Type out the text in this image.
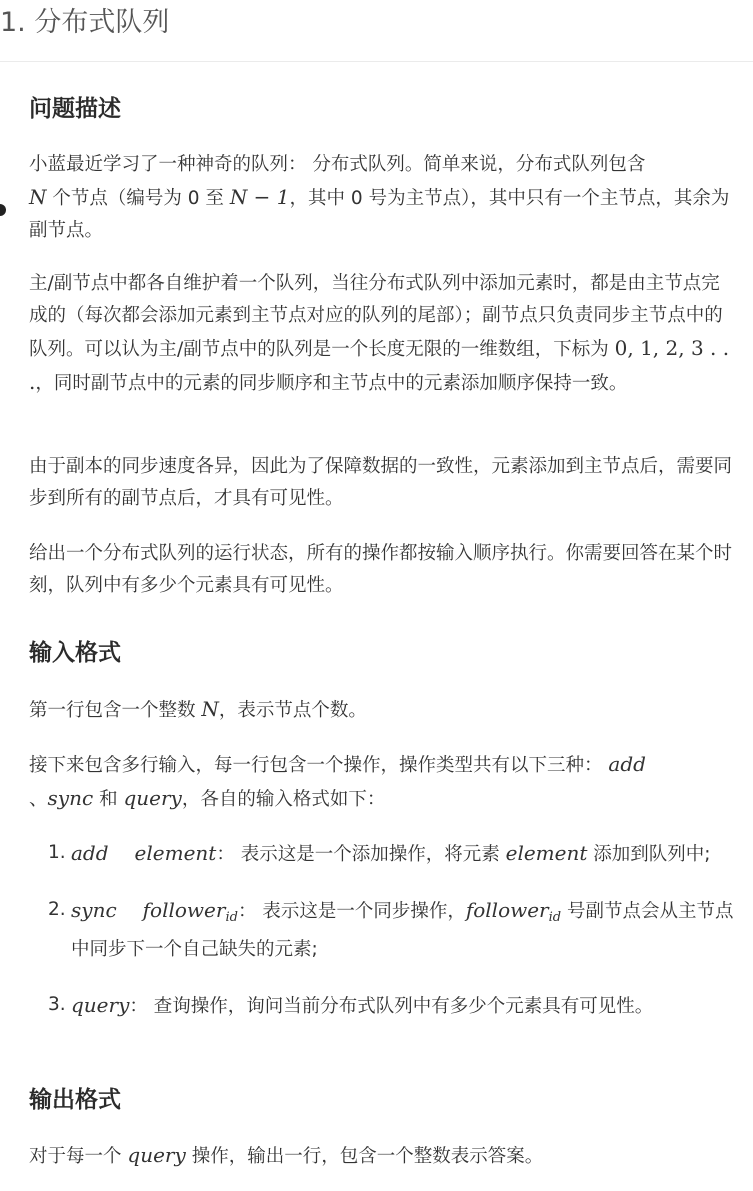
1. 分布式队列
问题描述

小蓝最近学习了一种神奇的队列： 分布式队列。简单来说，分布式队列包含
N 个节点（编号为 0 至 N − 1，其中 0 号为主节点），其中只有一个主节点，其余为副节点。

主/副节点中都各自维护着一个队列，当往分布式队列中添加元素时，都是由主节点完成的（每次都会添加元素到主节点对应的队列的尾部）；副节点只负责同步主节点中的队列。可以认为主/副节点中的队列是一个长度无限的一维数组，下标为 0, 1, 2, 3 . . .，同时副节点中的元素的同步顺序和主节点中的元素添加顺序保持一致。

由于副本的同步速度各异，因此为了保障数据的一致性，元素添加到主节点后，需要同步到所有的副节点后，才具有可见性。

给出一个分布式队列的运行状态，所有的操作都按输入顺序执行。你需要回答在某个时刻，队列中有多少个元素具有可见性。

输入格式

第一行包含一个整数 N，表示节点个数。

接下来包含多行输入，每一行包含一个操作，操作类型共有以下三种： add
、sync 和 query，各自的输入格式如下：

1. add element： 表示这是一个添加操作，将元素 element 添加到队列中;
2. sync follower$_{id}$： 表示这是一个同步操作，follower$_{id}$ 号副节点会从主节点中同步下一个自己缺失的元素;
3. query： 查询操作，询问当前分布式队列中有多少个元素具有可见性。
输出格式

对于每一个 query 操作，输出一行，包含一个整数表示答案。
